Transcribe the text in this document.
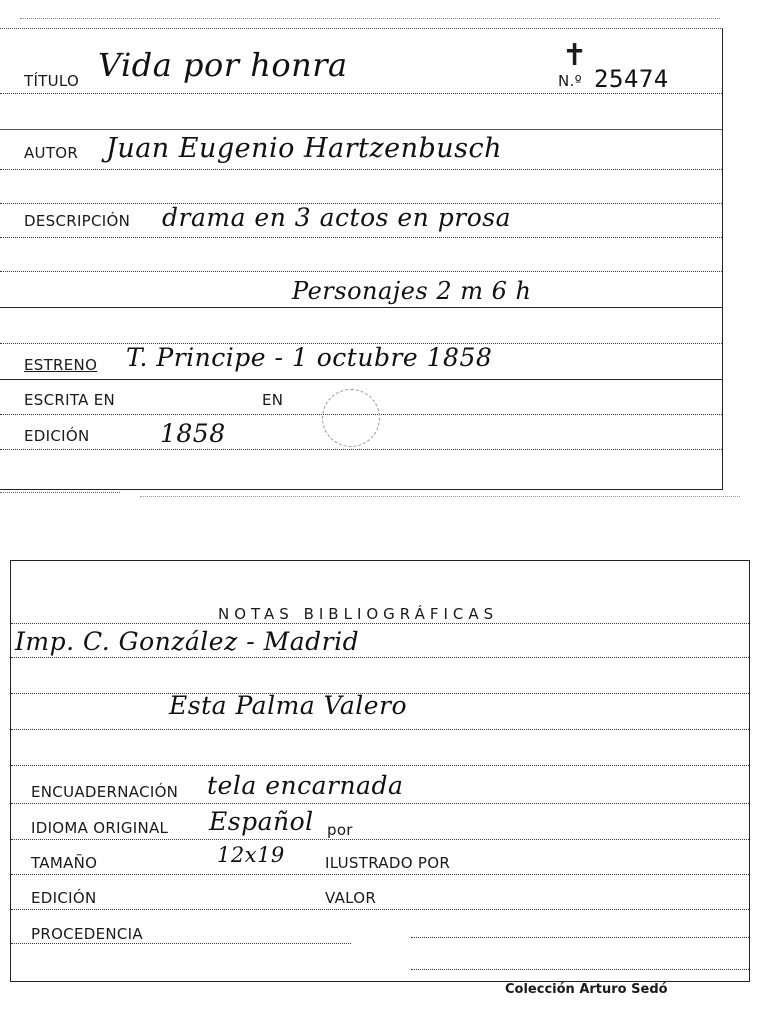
TÍTULO Vida por honra	✝
N.º 25474
AUTOR Juan Eugenio Hartzenbusch
DESCRIPCIÓN drama en 3 actos en prosa
Personajes 2 m 6 h
ESTRENO T. Principe - 1 octubre 1858
ESCRITA EN	EN
EDICIÓN	1858
NOTAS BIBLIOGRÁFICAS
Imp. C. González - Madrid
Esta Palma Valero
ENCUADERNACIÓN tela encarnada
IDIOMA ORIGINAL Español por
TAMAÑO	12x19	ILUSTRADO POR
EDICIÓN	VALOR
PROCEDENCIA
Colección Arturo Sedó
